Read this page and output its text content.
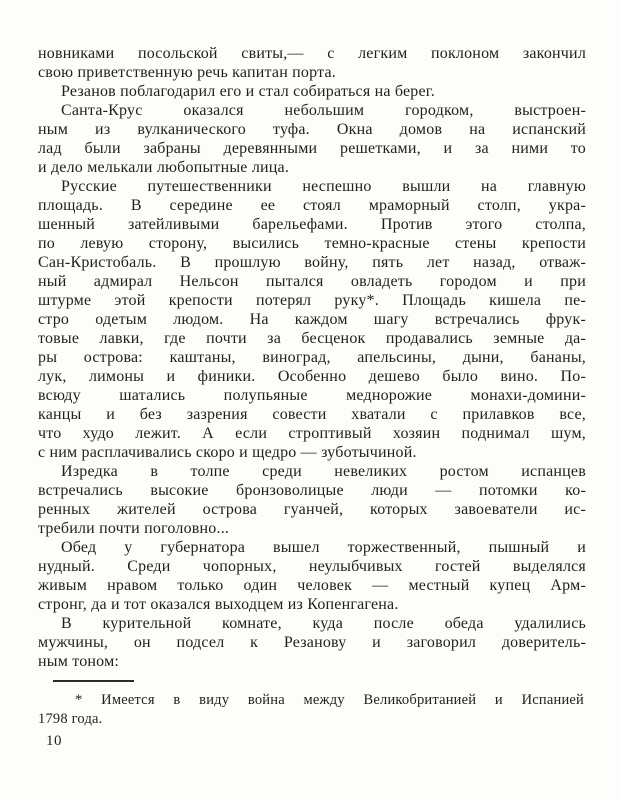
новниками посольской свиты,— с легким поклоном закончил
свою приветственную речь капитан порта.
Резанов поблагодарил его и стал собираться на берег.
Санта-Крус оказался небольшим городком, выстроен-
ным из вулканического туфа. Окна домов на испанский
лад были забраны деревянными решетками, и за ними то
и дело мелькали любопытные лица.
Русские путешественники неспешно вышли на главную
площадь. В середине ее стоял мраморный столп, укра-
шенный затейливыми барельефами. Против этого столпа,
по левую сторону, высились темно-красные стены крепости
Сан-Кристобаль. В прошлую войну, пять лет назад, отваж-
ный адмирал Нельсон пытался овладеть городом и при
штурме этой крепости потерял руку*. Площадь кишела пе-
стро одетым людом. На каждом шагу встречались фрук-
товые лавки, где почти за бесценок продавались земные да-
ры острова: каштаны, виноград, апельсины, дыни, бананы,
лук, лимоны и финики. Особенно дешево было вино. По-
всюду шатались полупьяные меднорожие монахи-домини-
канцы и без зазрения совести хватали с прилавков все,
что худо лежит. А если строптивый хозяин поднимал шум,
с ним расплачивались скоро и щедро — зуботычиной.
Изредка в толпе среди невеликих ростом испанцев
встречались высокие бронзоволицые люди — потомки ко-
ренных жителей острова гуанчей, которых завоеватели ис-
требили почти поголовно...
Обед у губернатора вышел торжественный, пышный и
нудный. Среди чопорных, неулыбчивых гостей выделялся
живым нравом только один человек — местный купец Арм-
стронг, да и тот оказался выходцем из Копенгагена.
В курительной комнате, куда после обеда удалились
мужчины, он подсел к Резанову и заговорил доверитель-
ным тоном:
* Имеется в виду война между Великобританией и Испанией
1798 года.
10
